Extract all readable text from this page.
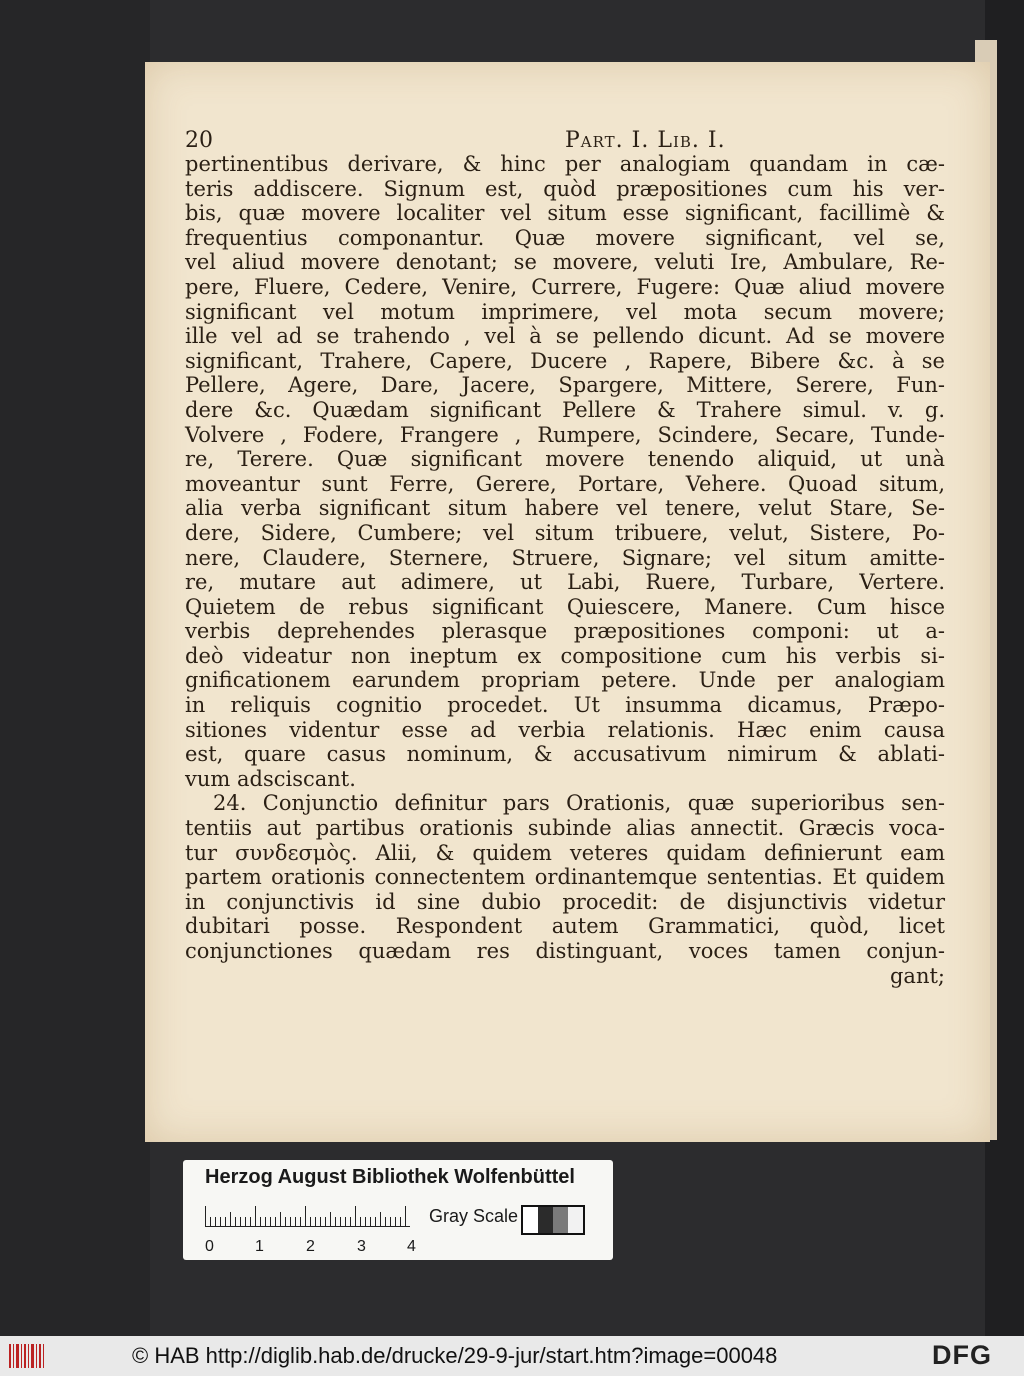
20	Part. I. Lib. I.
pertinentibus derivare, & hinc per analogiam quandam in cæ-
teris addiscere. Signum est, quòd præpositiones cum his ver-
bis, quæ movere localiter vel situm esse significant, facillimè &
frequentius componantur. Quæ movere significant, vel se,
vel aliud movere denotant; se movere, veluti Ire, Ambulare, Re-
pere, Fluere, Cedere, Venire, Currere, Fugere: Quæ aliud movere
significant vel motum imprimere, vel mota secum movere;
ille vel ad se trahendo , vel à se pellendo dicunt. Ad se movere
significant, Trahere, Capere, Ducere , Rapere, Bibere &c. à se
Pellere, Agere, Dare, Jacere, Spargere, Mittere, Serere, Fun-
dere &c. Quædam significant Pellere & Trahere simul. v. g.
Volvere , Fodere, Frangere , Rumpere, Scindere, Secare, Tunde-
re, Terere. Quæ significant movere tenendo aliquid, ut unà
moveantur sunt Ferre, Gerere, Portare, Vehere. Quoad situm,
alia verba significant situm habere vel tenere, velut Stare, Se-
dere, Sidere, Cumbere; vel situm tribuere, velut, Sistere, Po-
nere, Claudere, Sternere, Struere, Signare; vel situm amitte-
re, mutare aut adimere, ut Labi, Ruere, Turbare, Vertere.
Quietem de rebus significant Quiescere, Manere. Cum hisce
verbis deprehendes plerasque præpositiones componi: ut a-
deò videatur non ineptum ex compositione cum his verbis si-
gnificationem earundem propriam petere. Unde per analogiam
in reliquis cognitio procedet. Ut insumma dicamus, Præpo-
sitiones videntur esse ad verbia relationis. Hæc enim causa
est, quare casus nominum, & accusativum nimirum & ablati-
vum adsciscant.
24. Conjunctio definitur pars Orationis, quæ superioribus sen-
tentiis aut partibus orationis subinde alias annectit. Græcis voca-
tur συνδεσμὸς. Alii, & quidem veteres quidam definierunt eam
partem orationis connectentem ordinantemque sententias. Et quidem
in conjunctivis id sine dubio procedit: de disjunctivis videtur
dubitari posse. Respondent autem Grammatici, quòd, licet
conjunctiones quædam res distinguant, voces tamen conjun-
gant;
Herzog August Bibliothek Wolfenbüttel
0	1	2	3	4
Gray Scale
© HAB http://diglib.hab.de/drucke/29-9-jur/start.htm?image=00048	DFG
